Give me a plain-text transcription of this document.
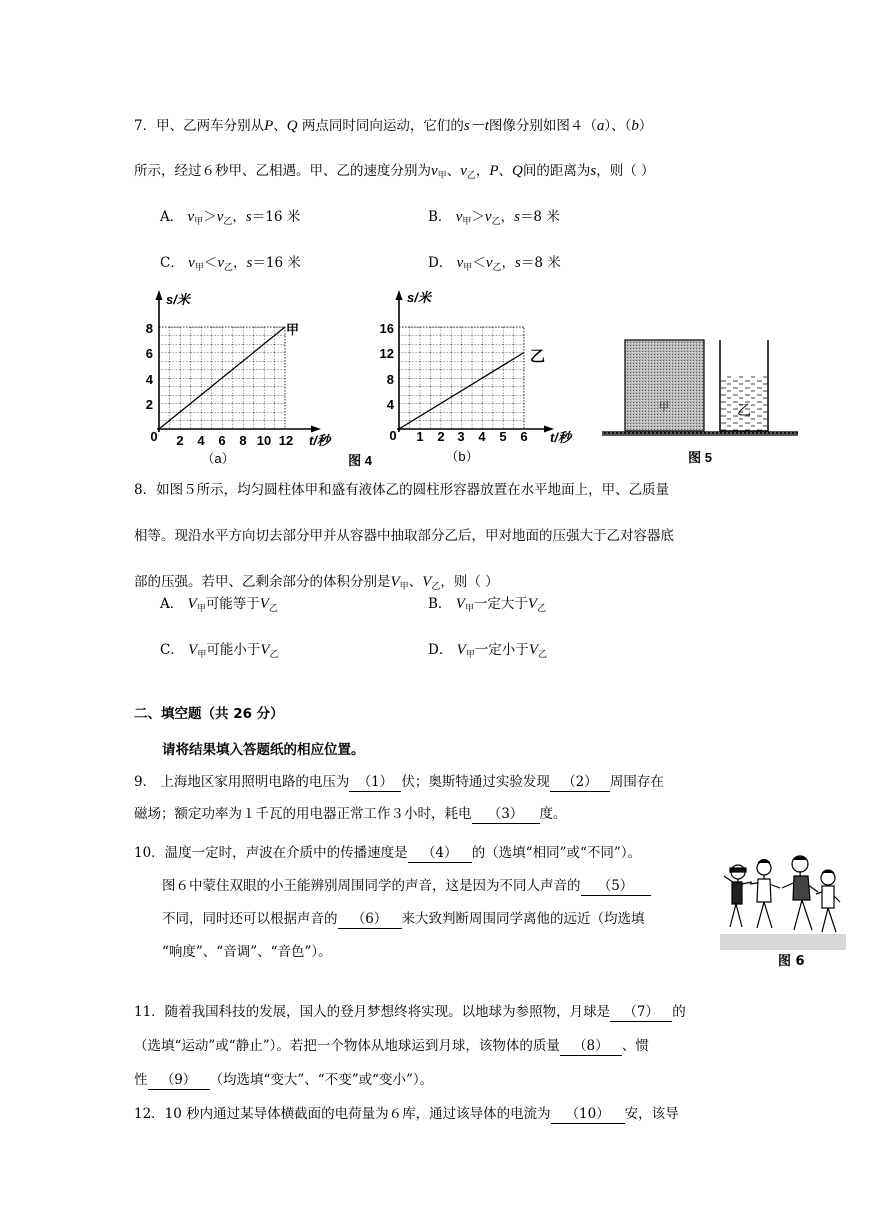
7．甲、乙两车分别从P、Q 两点同时同向运动，它们的s－t图像分别如图４（a）、（b）
所示，经过６秒甲、乙相遇。甲、乙的速度分别为$v_甲$、$v_乙$，P、Q间的距离为s，则（ ）
A． $v_甲>v_乙$，s＝16 米	B． $v_甲>v_乙$，s＝8 米
C． $v_甲<v_乙$，s＝16 米	D． $v_甲<v_乙$，s＝8 米
s/米
甲
t/秒
8
6
4
2
0 2 4 6 8 10 12
（a）	图 4
s/米
乙
t/秒
16
12
8
4
0 1 2 3 4 5 6
（b）
甲	乙
图 5
8．如图５所示，均匀圆柱体甲和盛有液体乙的圆柱形容器放置在水平地面上，甲、乙质量
相等。现沿水平方向切去部分甲并从容器中抽取部分乙后，甲对地面的压强大于乙对容器底
部的压强。若甲、乙剩余部分的体积分别是$V_甲$、$V_乙$，则（ ）
A． $V_甲$可能等于$V_乙$	B． $V_甲$一定大于$V_乙$
C． $V_甲$可能小于$V_乙$	D． $V_甲$一定小于$V_乙$
二、填空题（共 26 分）
请将结果填入答题纸的相应位置。
9． 上海地区家用照明电路的电压为 （1） 伏；奥斯特通过实验发现 （2） 周围存在
磁场；额定功率为１千瓦的用电器正常工作３小时，耗电 （3） 度。
10．温度一定时，声波在介质中的传播速度是 （4） 的（选填“相同”或“不同”）。
图６中蒙住双眼的小王能辨别周围同学的声音，这是因为不同人声音的 （5）
不同，同时还可以根据声音的 （6） 来大致判断周围同学离他的远近（均选填
“响度”、“音调”、“音色”）。
图 6
11．随着我国科技的发展，国人的登月梦想终将实现。以地球为参照物，月球是 （7） 的
（选填“运动”或“静止”）。若把一个物体从地球运到月球，该物体的质量 （8） 、惯
性 （9） （均选填“变大”、“不变”或“变小”）。
12．10 秒内通过某导体横截面的电荷量为６库，通过该导体的电流为 （10） 安，该导
